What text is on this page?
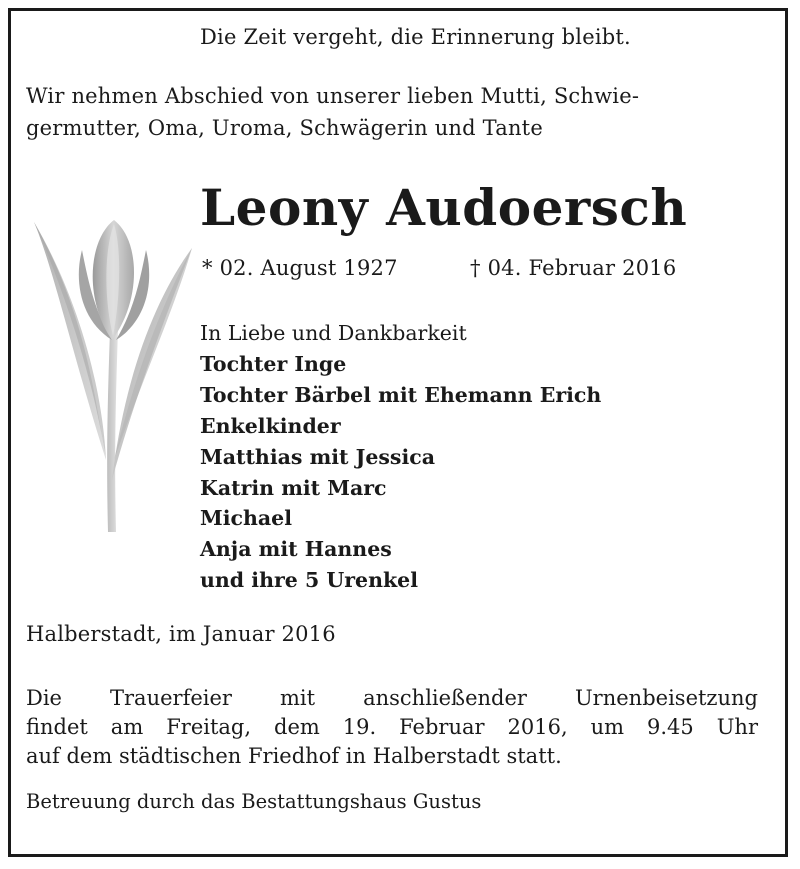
Die Zeit vergeht, die Erinnerung bleibt.
Wir nehmen Abschied von unserer lieben Mutti, Schwie-
germutter, Oma, Uroma, Schwägerin und Tante
Leony Audoersch
* 02. August 1927	† 04. Februar 2016
In Liebe und Dankbarkeit
Tochter Inge
Tochter Bärbel mit Ehemann Erich
Enkelkinder
Matthias mit Jessica
Katrin mit Marc
Michael
Anja mit Hannes
und ihre 5 Urenkel
Halberstadt, im Januar 2016
Die Trauerfeier mit anschließender Urnenbeisetzung
findet am Freitag, dem 19. Februar 2016, um 9.45 Uhr
auf dem städtischen Friedhof in Halberstadt statt.
Betreuung durch das Bestattungshaus Gustus
